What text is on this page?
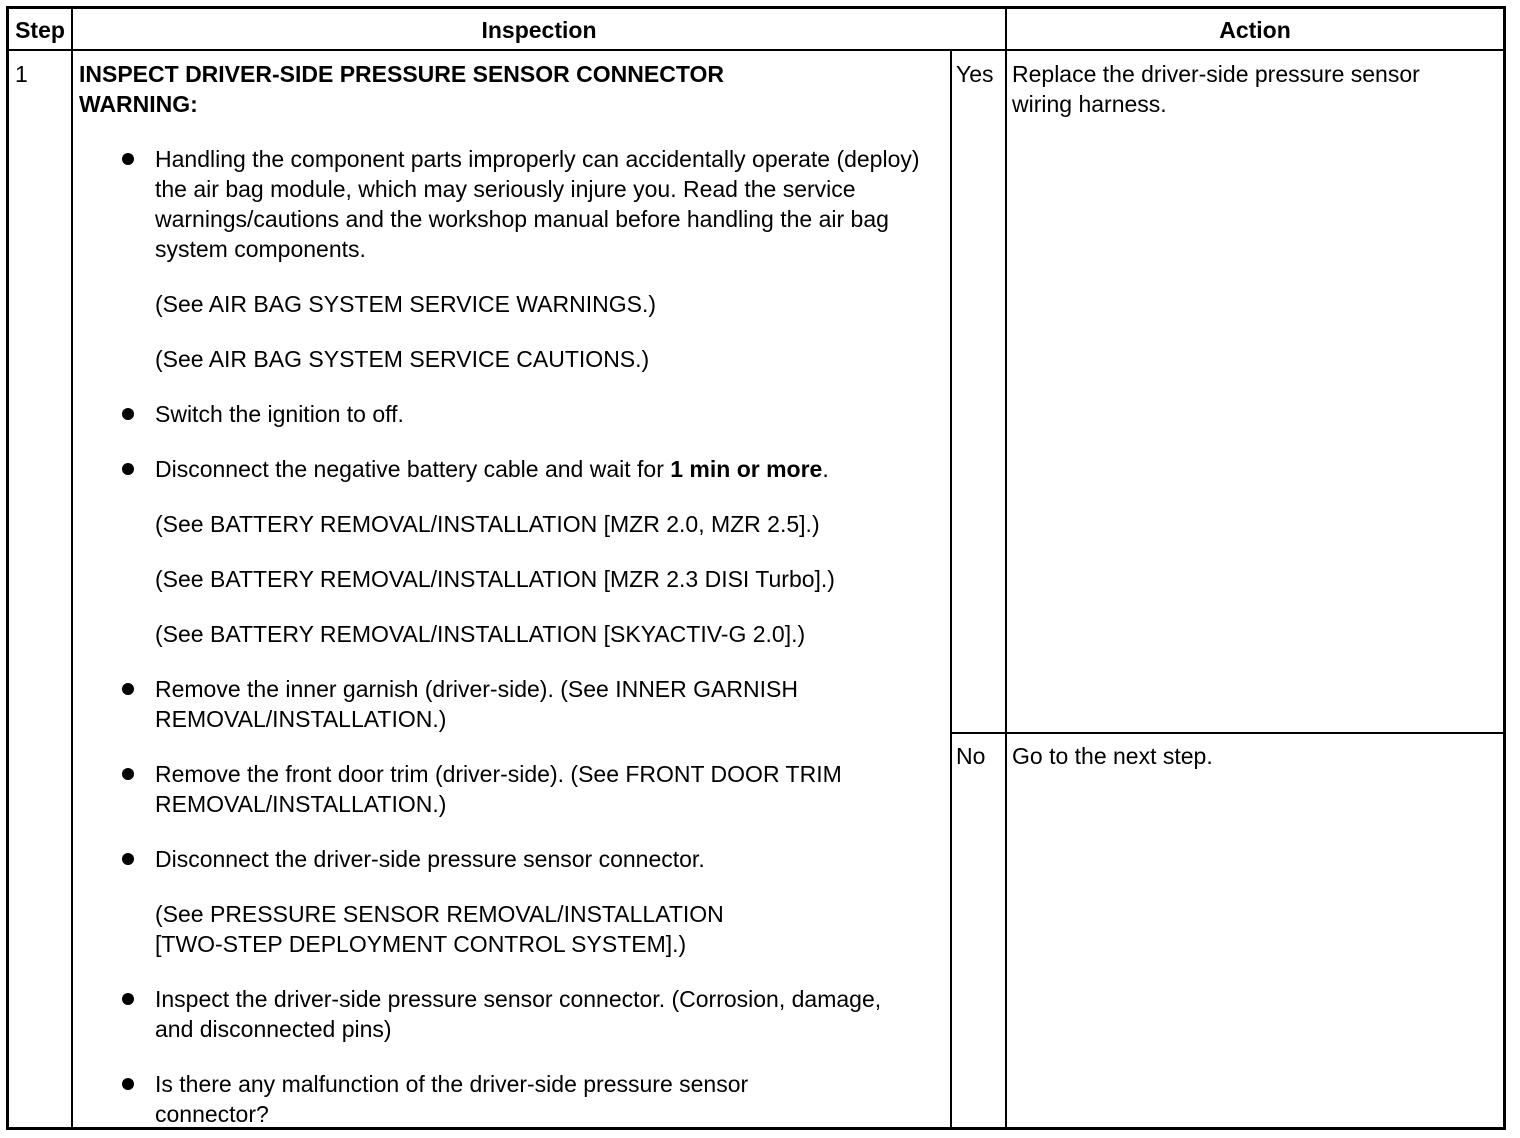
Step	Inspection	Action
1 INSPECT DRIVER-SIDE PRESSURE SENSOR CONNECTOR
WARNING:
Handling the component parts improperly can accidentally operate (deploy) the air bag module, which may seriously injure you. Read the service warnings/cautions and the workshop manual before handling the air bag system components.
(See AIR BAG SYSTEM SERVICE WARNINGS.)
(See AIR BAG SYSTEM SERVICE CAUTIONS.)
Switch the ignition to off.
Disconnect the negative battery cable and wait for 1 min or more.
(See BATTERY REMOVAL/INSTALLATION [MZR 2.0, MZR 2.5].)
(See BATTERY REMOVAL/INSTALLATION [MZR 2.3 DISI Turbo].)
(See BATTERY REMOVAL/INSTALLATION [SKYACTIV-G 2.0].)
Remove the inner garnish (driver-side). (See INNER GARNISH REMOVAL/INSTALLATION.)
Remove the front door trim (driver-side). (See FRONT DOOR TRIM REMOVAL/INSTALLATION.)
Disconnect the driver-side pressure sensor connector.
(See PRESSURE SENSOR REMOVAL/INSTALLATION [TWO-STEP DEPLOYMENT CONTROL SYSTEM].)
Inspect the driver-side pressure sensor connector. (Corrosion, damage, and disconnected pins)
Is there any malfunction of the driver-side pressure sensor connector?
Yes Replace the driver-side pressure sensor wiring harness.
No Go to the next step.
